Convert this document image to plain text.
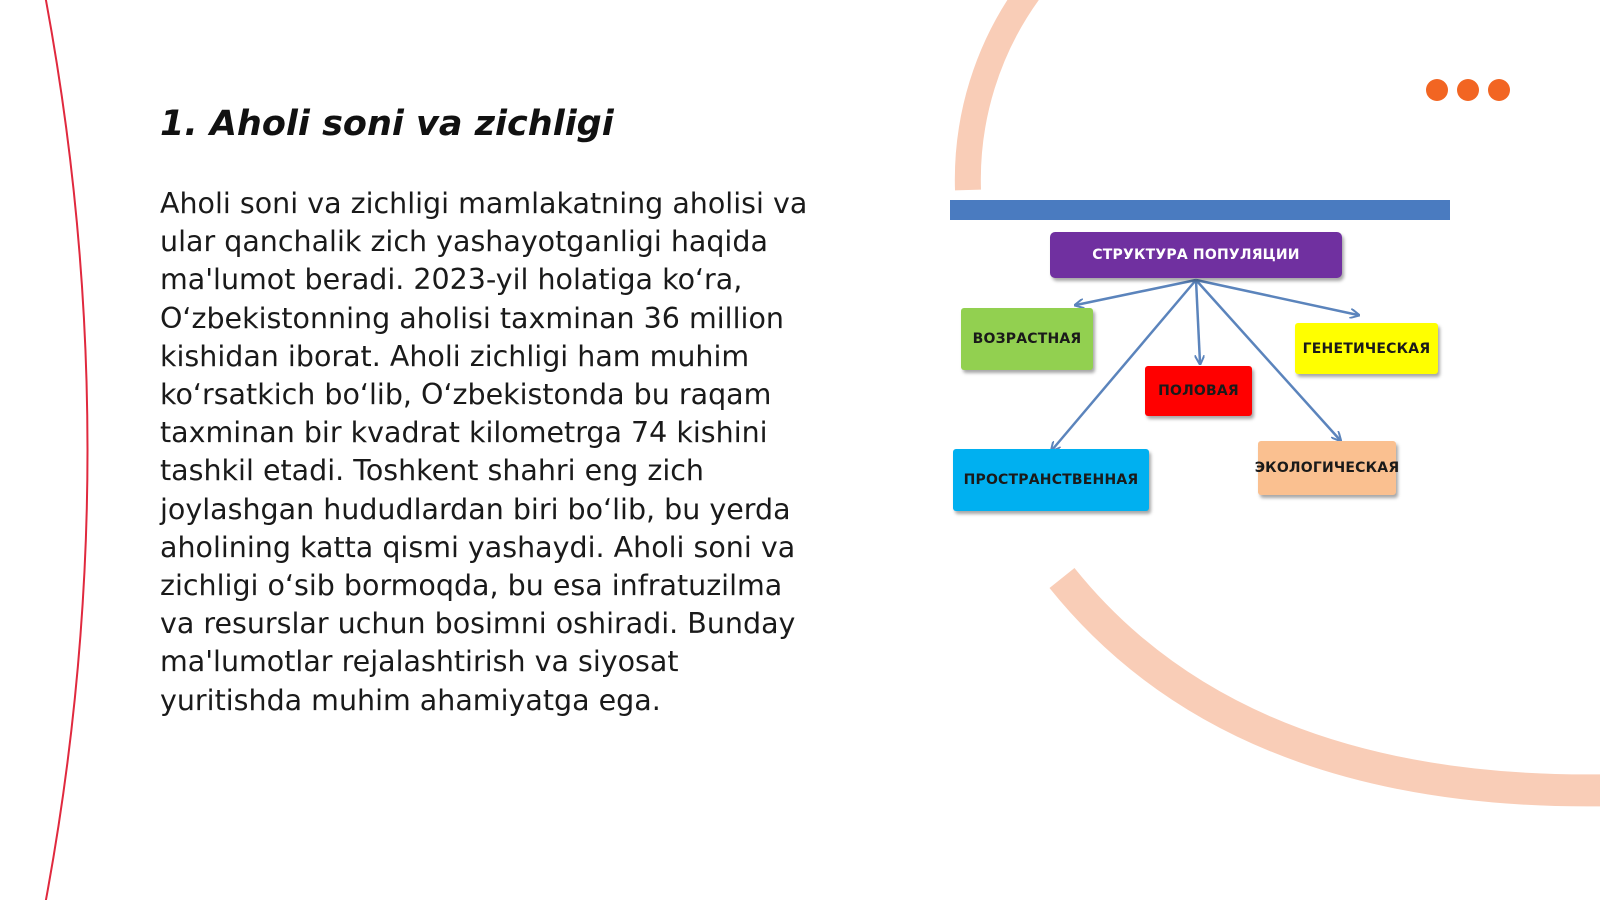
1. Aholi soni va zichligi

Aholi soni va zichligi mamlakatning aholisi va
ular qanchalik zich yashayotganligi haqida
ma'lumot beradi. 2023-yil holatiga koʻra,
Oʻzbekistonning aholisi taxminan 36 million
kishidan iborat. Aholi zichligi ham muhim
koʻrsatkich boʻlib, Oʻzbekistonda bu raqam
taxminan bir kvadrat kilometrga 74 kishini
tashkil etadi. Toshkent shahri eng zich
joylashgan hududlardan biri boʻlib, bu yerda
aholining katta qismi yashaydi. Aholi soni va
zichligi oʻsib bormoqda, bu esa infratuzilma
va resurslar uchun bosimni oshiradi. Bunday
ma'lumotlar rejalashtirish va siyosat
yuritishda muhim ahamiyatga ega.

СТРУКТУРА ПОПУЛЯЦИИ
ВОЗРАСТНАЯ
ГЕНЕТИЧЕСКАЯ
ПОЛОВАЯ
ЭКОЛОГИЧЕСКАЯ
ПРОСТРАНСТВЕННАЯ
